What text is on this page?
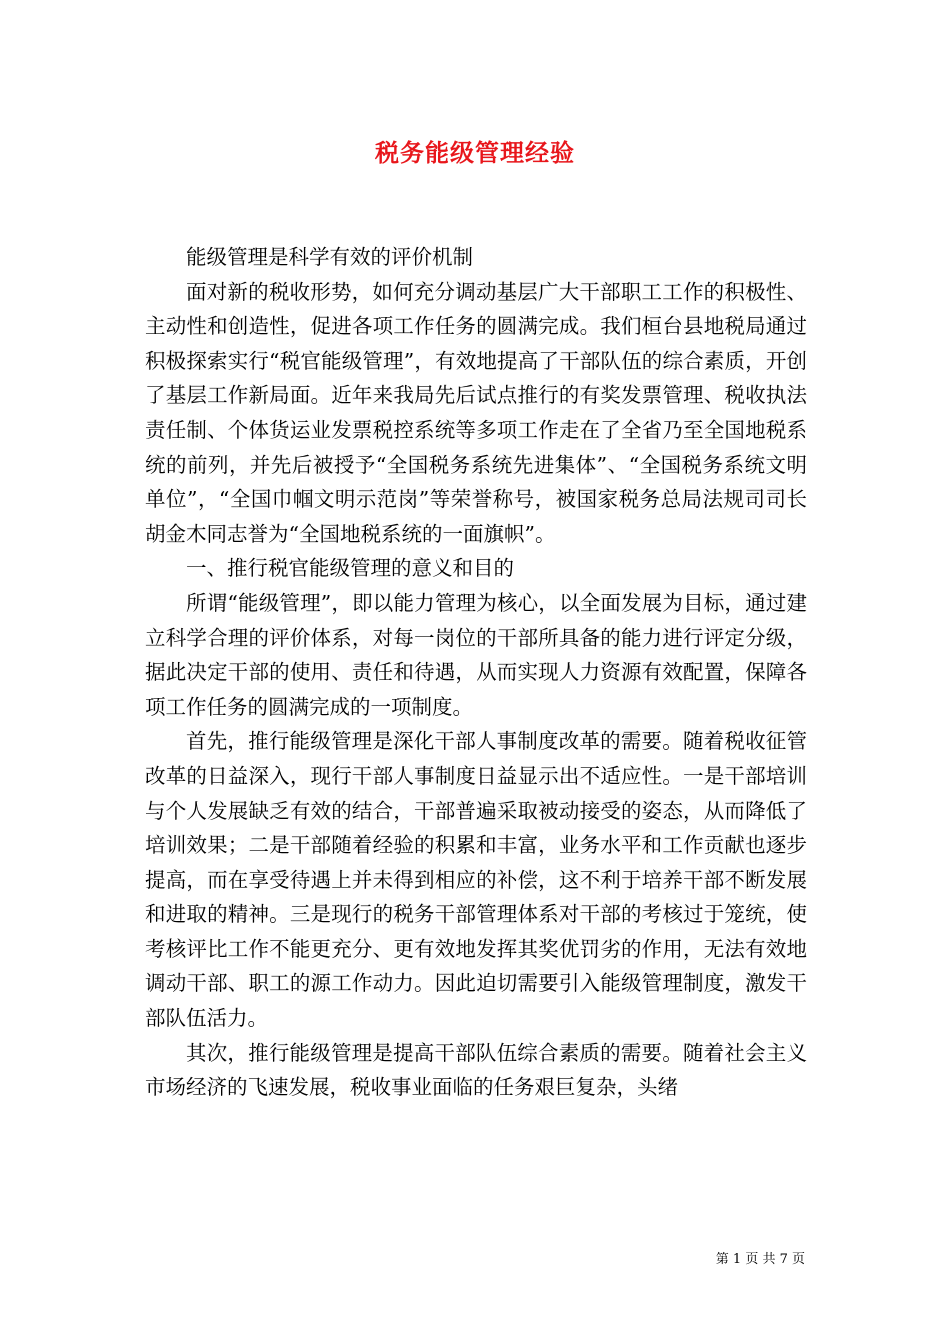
税务能级管理经验

能级管理是科学有效的评价机制

面对新的税收形势，如何充分调动基层广大干部职工工作的积极性、主动性和创造性，促进各项工作任务的圆满完成。我们桓台县地税局通过积极探索实行“税官能级管理”，有效地提高了干部队伍的综合素质，开创了基层工作新局面。近年来我局先后试点推行的有奖发票管理、税收执法责任制、个体货运业发票税控系统等多项工作走在了全省乃至全国地税系统的前列，并先后被授予“全国税务系统先进集体”、“全国税务系统文明单位”，“全国巾帼文明示范岗”等荣誉称号，被国家税务总局法规司司长胡金木同志誉为“全国地税系统的一面旗帜”。

一、推行税官能级管理的意义和目的

所谓“能级管理”，即以能力管理为核心，以全面发展为目标，通过建立科学合理的评价体系，对每一岗位的干部所具备的能力进行评定分级，据此决定干部的使用、责任和待遇，从而实现人力资源有效配置，保障各项工作任务的圆满完成的一项制度。

首先，推行能级管理是深化干部人事制度改革的需要。随着税收征管改革的日益深入，现行干部人事制度日益显示出不适应性。一是干部培训与个人发展缺乏有效的结合，干部普遍采取被动接受的姿态，从而降低了培训效果；二是干部随着经验的积累和丰富，业务水平和工作贡献也逐步提高，而在享受待遇上并未得到相应的补偿，这不利于培养干部不断发展和进取的精神。三是现行的税务干部管理体系对干部的考核过于笼统，使考核评比工作不能更充分、更有效地发挥其奖优罚劣的作用，无法有效地调动干部、职工的源工作动力。因此迫切需要引入能级管理制度，激发干部队伍活力。

其次，推行能级管理是提高干部队伍综合素质的需要。随着社会主义市场经济的飞速发展，税收事业面临的任务艰巨复杂，头绪

第 1 页 共 7 页
